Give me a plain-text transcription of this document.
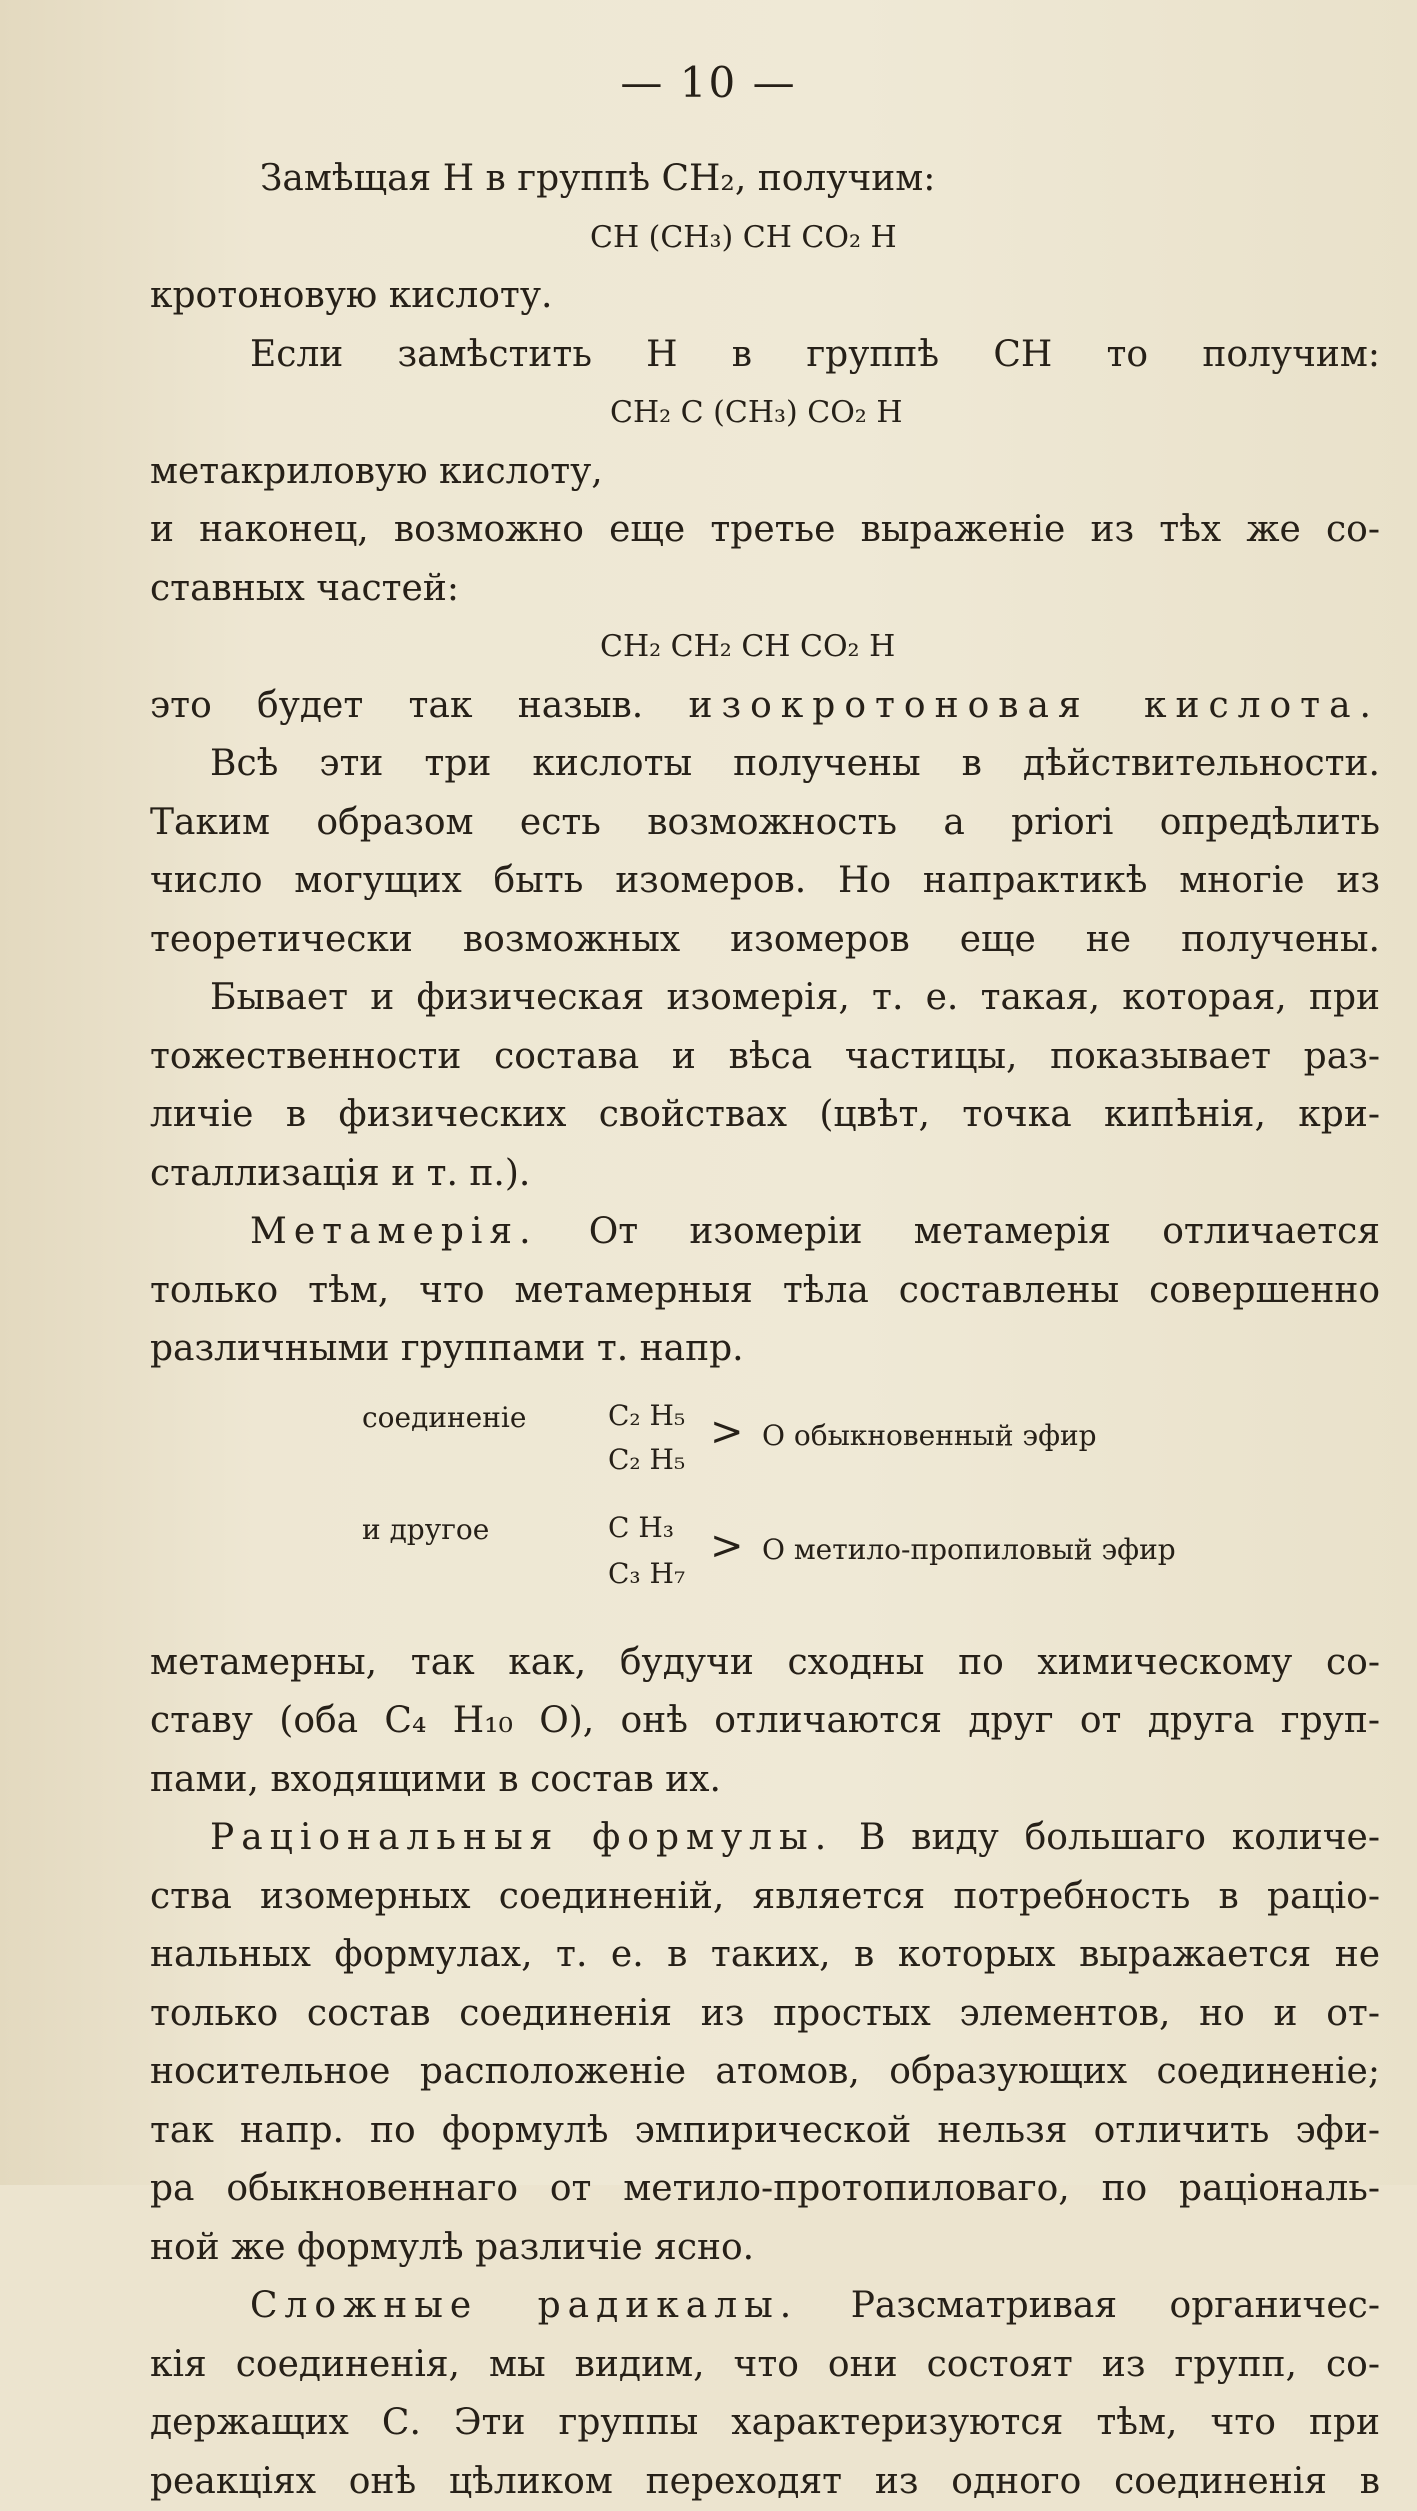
— 10 —
Замѣщая Н в группѣ СН₂, получим:
СН (СН₃) СН СО₂ Н
кротоновую кислоту.
Если замѣстить Н в группѣ СН то получим:
СН₂ С (СН₃) СО₂ Н
метакриловую кислоту,
и наконец, возможно еще третье выраженіе из тѣх же со-
ставных частей:
СН₂ СН₂ СН СО₂ Н
это будет так назыв. изокротоновая кислота.
Всѣ эти три кислоты получены в дѣйствительности.
Таким образом есть возможность a priori опредѣлить
число могущих быть изомеров. Но напрактикѣ многіе из
теоретически возможных изомеров еще не получены.
Бывает и физическая изомерія, т. е. такая, которая, при
тожественности состава и вѣса частицы, показывает раз-
личіе в физических свойствах (цвѣт, точка кипѣнія, кри-
сталлизація и т. п.).
Метамерія. От изомеріи метамерія отличается
только тѣм, что метамерныя тѣла составлены совершенно
различными группами т. напр.
соединеніе	С₂ Н₅
С₂ Н₅
> О обыкновенный эфир
и другое	С Н₃
С₃ Н₇
> О метило-пропиловый эфир
метамерны, так как, будучи сходны по химическому со-
ставу (оба С₄ Н₁₀ О), онѣ отличаются друг от друга груп-
пами, входящими в состав их.
Раціональныя формулы. В виду большаго количе-
ства изомерных соединеній, является потребность в раціо-
нальных формулах, т. е. в таких, в которых выражается не
только состав соединенія из простых элементов, но и от-
носительное расположеніе атомов, образующих соединеніе;
так напр. по формулѣ эмпирической нельзя отличить эфи-
ра обыкновеннаго от метило-протопиловаго, по раціональ-
ной же формулѣ различіе ясно.
Сложные радикалы. Разсматривая органичес-
кія соединенія, мы видим, что они состоят из групп, со-
держащих С. Эти группы характеризуются тѣм, что при
реакціях онѣ цѣликом переходят из одного соединенія в
